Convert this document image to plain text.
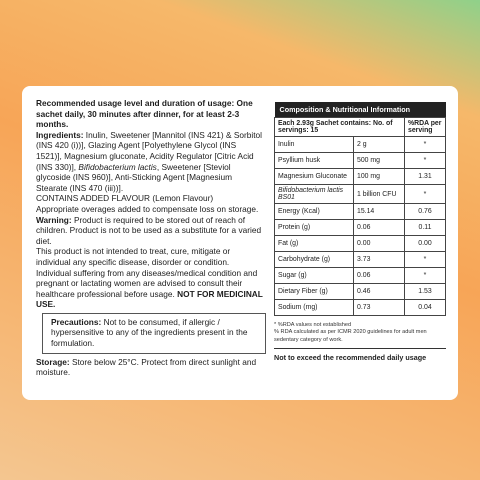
Recommended usage level and duration of usage: One sachet daily, 30 minutes after dinner, for at least 2-3 months.

Ingredients: Inulin, Sweetener [Mannitol (INS 421) & Sorbitol (INS 420 (i))], Glazing Agent [Polyethylene Glycol (INS 1521)], Magnesium gluconate, Acidity Regulator [Citric Acid (INS 330)], Bifidobacterium lactis, Sweetener [Steviol glycoside (INS 960)], Anti-Sticking Agent [Magnesium Stearate (INS 470 (iii))].

CONTAINS ADDED FLAVOUR (Lemon Flavour)

Appropriate overages added to compensate loss on storage.

Warning: Product is required to be stored out of reach of children. Product is not to be used as a substitute for a varied diet.

This product is not intended to treat, cure, mitigate or individual any specific disease, disorder or condition. Individual suffering from any diseases/medical condition and pregnant or lactating women are advised to consult their healthcare professional before usage. NOT FOR MEDICINAL USE.

Precautions: Not to be consumed, if allergic / hypersensitive to any of the ingredients present in the formulation.

Storage: Store below 25°C. Protect from direct sunlight and moisture.

Composition & Nutritional Information		
Each 2.93g Sachet contains: No. of servings: 15		%RDA per serving
Inulin	2 g	*
Psyllium husk	500 mg	*
Magnesium Gluconate	100 mg	1.31
Bifidobacterium lactis BS01	1 billion CFU	*
Energy (Kcal)	15.14	0.76
Protein (g)	0.06	0.11
Fat (g)	0.00	0.00
Carbohydrate (g)	3.73	*
Sugar (g)	0.06	*
Dietary Fiber (g)	0.46	1.53
Sodium (mg)	0.73	0.04
* %RDA values not established
% RDA calculated as per ICMR 2020 guidelines for adult men sedentary category of work.
Not to exceed the recommended daily usage
